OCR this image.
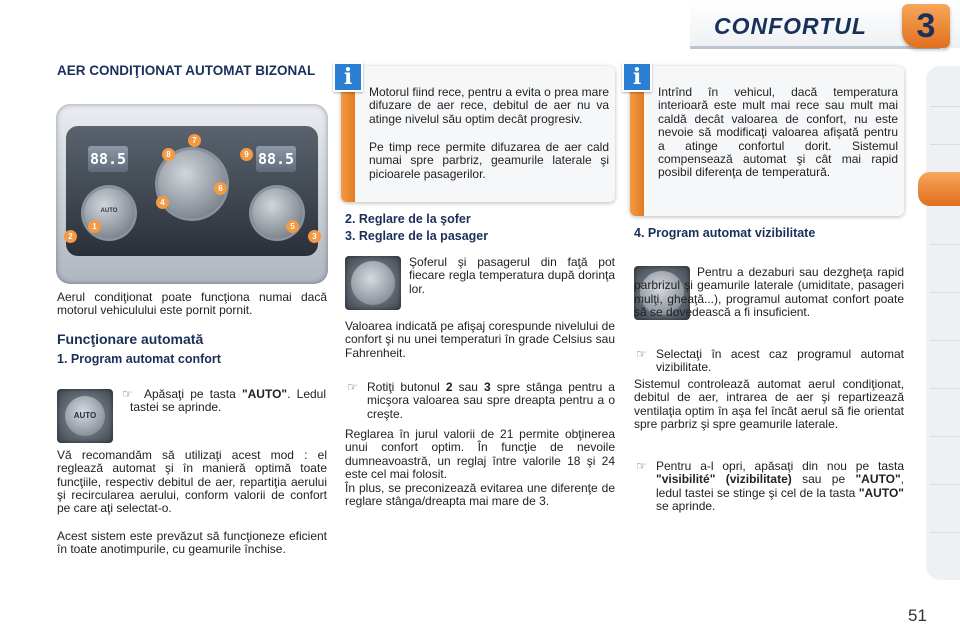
CONFORTUL	3
AER CONDIŢIONAT AUTOMAT BIZONAL
88.5	88.5
AUTO
1
2	3
4
5
6
7
8	9
Aerul condiţionat poate funcţiona numai dacă motorul vehiculului este pornit pornit.
Funcţionare automată
1. Program automat confort
AUTO
☞ Apăsaţi pe tasta "AUTO". Ledul tastei se aprinde.
Vă recomandăm să utilizaţi acest mod : el reglează automat şi în manieră optimă toate funcţiile, respectiv debitul de aer, repartiţia aerului şi recircularea aerului, conform valorii de confort pe care aţi selectat-o.
Acest sistem este prevăzut să funcţioneze eficient în toate anotimpurile, cu geamurile închise.
i
Motorul fiind rece, pentru a evita o prea mare difuzare de aer rece, debitul de aer nu va atinge nivelul său optim decât progresiv.
Pe timp rece permite difuzarea de aer cald numai spre parbriz, geamurile laterale şi picioarele pasagerilor.
2. Reglare de la şofer
3. Reglare de la pasager
Şoferul şi pasagerul din faţă pot fiecare regla temperatura după dorinţa lor.
Valoarea indicată pe afişaj corespunde nivelului de confort şi nu unei temperaturi în grade Celsius sau Fahrenheit.
☞ Rotiţi butonul 2 sau 3 spre stânga pentru a micşora valoarea sau spre dreapta pentru a o creşte.
Reglarea în jurul valorii de 21 permite obţinerea unui confort optim. În funcţie de nevoile dumneavoastră, un reglaj între valorile 18 şi 24 este cel mai folosit.
În plus, se preconizează evitarea une diferenţe de reglare stânga/dreapta mai mare de 3.
i
Intrînd în vehicul, dacă temperatura interioară este mult mai rece sau mult mai caldă decât valoarea de confort, nu este nevoie să modificaţi valoarea afişată pentru a atinge confortul dorit. Sistemul compensează automat şi cât mai rapid posibil diferenţa de temperatură.
4. Program automat vizibilitate
Pentru a dezaburi sau dezgheţa rapid parbrizul şi geamurile laterale (umiditate, pasageri mulţi, gheaţă...), programul automat confort poate să se dovedească a fi insuficient.
☞ Selectaţi în acest caz programul automat vizibilitate.
Sistemul controlează automat aerul condiţionat, debitul de aer, intrarea de aer şi repartizează ventilaţia optim în aşa fel încât aerul să fie orientat spre parbriz şi spre geamurile laterale.
☞ Pentru a-l opri, apăsaţi din nou pe tasta "visibilité" (vizibilitate) sau pe "AUTO", ledul tastei se stinge şi cel de la tasta "AUTO" se aprinde.
51
